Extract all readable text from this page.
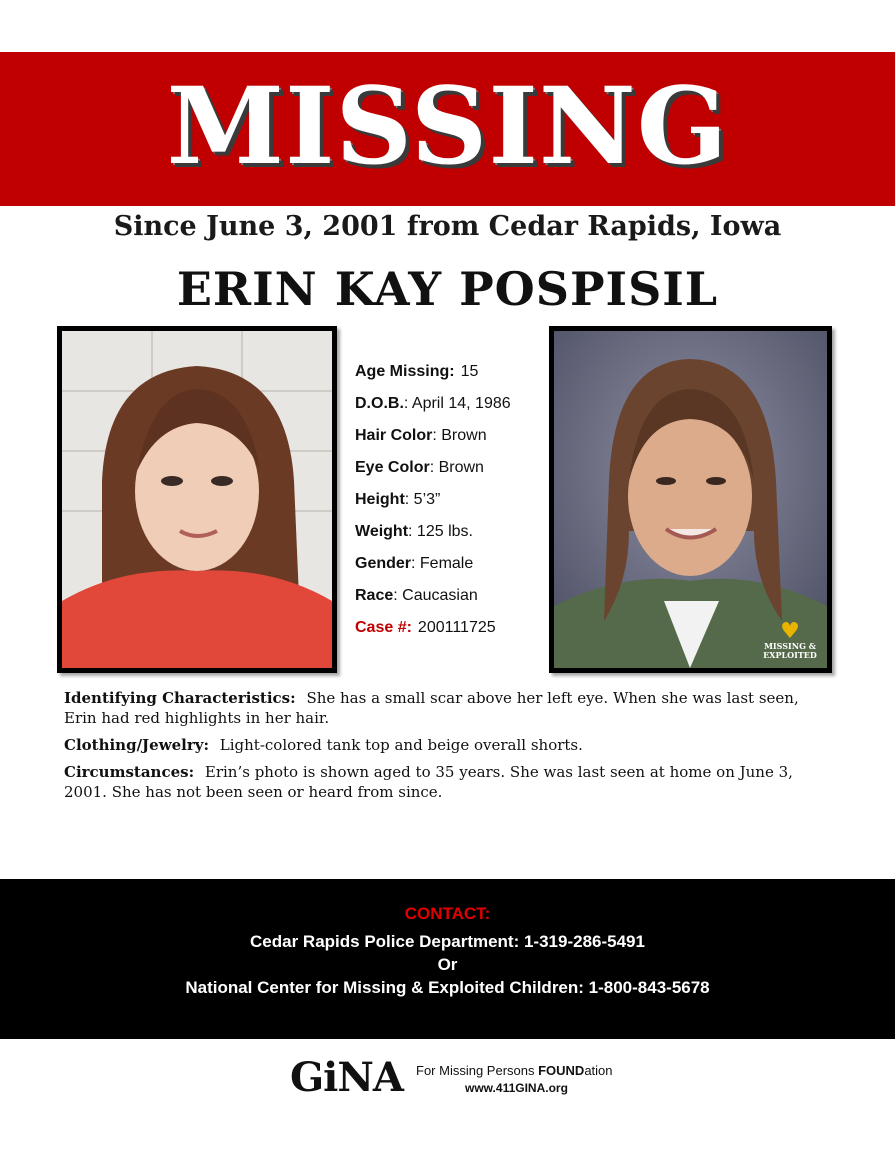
MISSING
Since June 3, 2001 from Cedar Rapids, Iowa
ERIN KAY POSPISIL
♥
MISSING &
EXPLOITED
Age Missing: 15
D.O.B.: April 14, 1986
Hair Color: Brown
Eye Color: Brown
Height: 5’3”
Weight: 125 lbs.
Gender: Female
Race: Caucasian
Case #: 200111725

Identifying Characteristics: She has a small scar above her left eye. When she was last seen, Erin had red highlights in her hair.

Clothing/Jewelry: Light-colored tank top and beige overall shorts.

Circumstances: Erin’s photo is shown aged to 35 years. She was last seen at home on June 3, 2001. She has not been seen or heard from since.

CONTACT:
Cedar Rapids Police Department: 1-319-286-5491
Or
National Center for Missing & Exploited Children: 1-800-843-5678
GiNA For Missing Persons FOUNDation
www.411GINA.org
